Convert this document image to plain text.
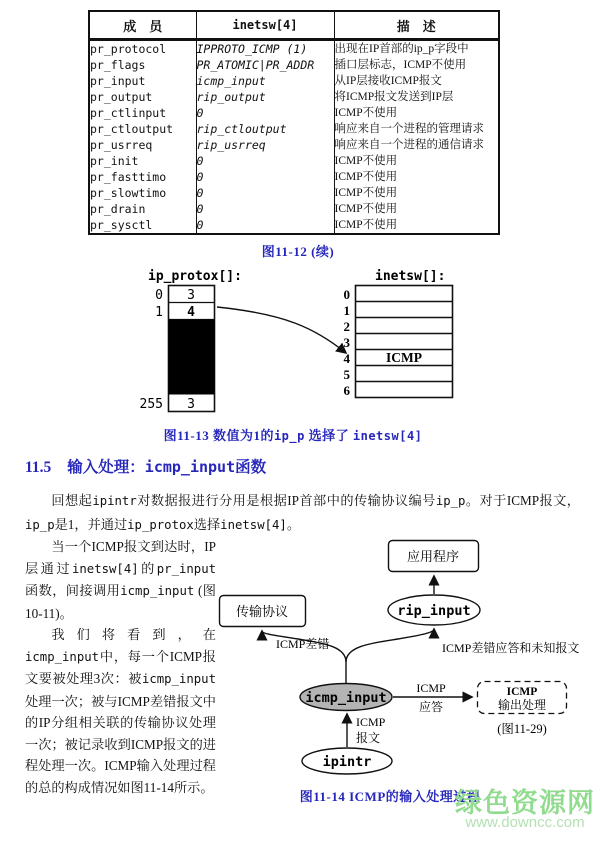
成　员	inetsw[4]	描　述
pr_protocol	IPPROTO_ICMP (1)	出现在IP首部的ip_p字段中
pr_flags	PR_ATOMIC|PR_ADDR	插口层标志，ICMP不使用
pr_input	icmp_input	从IP层接收ICMP报文
pr_output	rip_output	将ICMP报文发送到IP层
pr_ctlinput	0	ICMP不使用
pr_ctloutput	rip_ctloutput	响应来自一个进程的管理请求
pr_usrreq	rip_usrreq	响应来自一个进程的通信请求
pr_init	0	ICMP不使用
pr_fasttimo	0	ICMP不使用
pr_slowtimo	0	ICMP不使用
pr_drain	0	ICMP不使用
pr_sysctl	0	ICMP不使用
图11-12 (续)
ip_protox[]:
0
1
255
3
4
3
inetsw[]:
0
1
2
3
4
5
6
ICMP
图11-13 数值为1的ip_p 选择了 inetsw[4]
11.5 输入处理：icmp_input函数

回想起ipintr对数据报进行分用是根据IP首部中的传输协议编号ip_p。对于ICMP报文，ip_p是1，并通过ip_protox选择inetsw[4]。

当一个ICMP报文到达时，IP层通过inetsw[4]的pr_input函数，间接调用icmp_input (图10-11)。

我们将看到，在 icmp_input中，每一个ICMP报文要被处理3次：被icmp_input处理一次；被与ICMP差错报文中的IP分组相关联的传输协议处理一次；被记录收到ICMP报文的进程处理一次。ICMP输入处理过程的总的构成情况如图11-14所示。

应用程序
传输协议	rip_input
ICMP差错	ICMP差错应答和未知报文
icmp_input
ICMP
应答
ICMP
输出处理
(图11-29)
ICMP
报文
ipintr
图11-14 ICMP的输入处理过程
绿色资源网
www.downcc.com
